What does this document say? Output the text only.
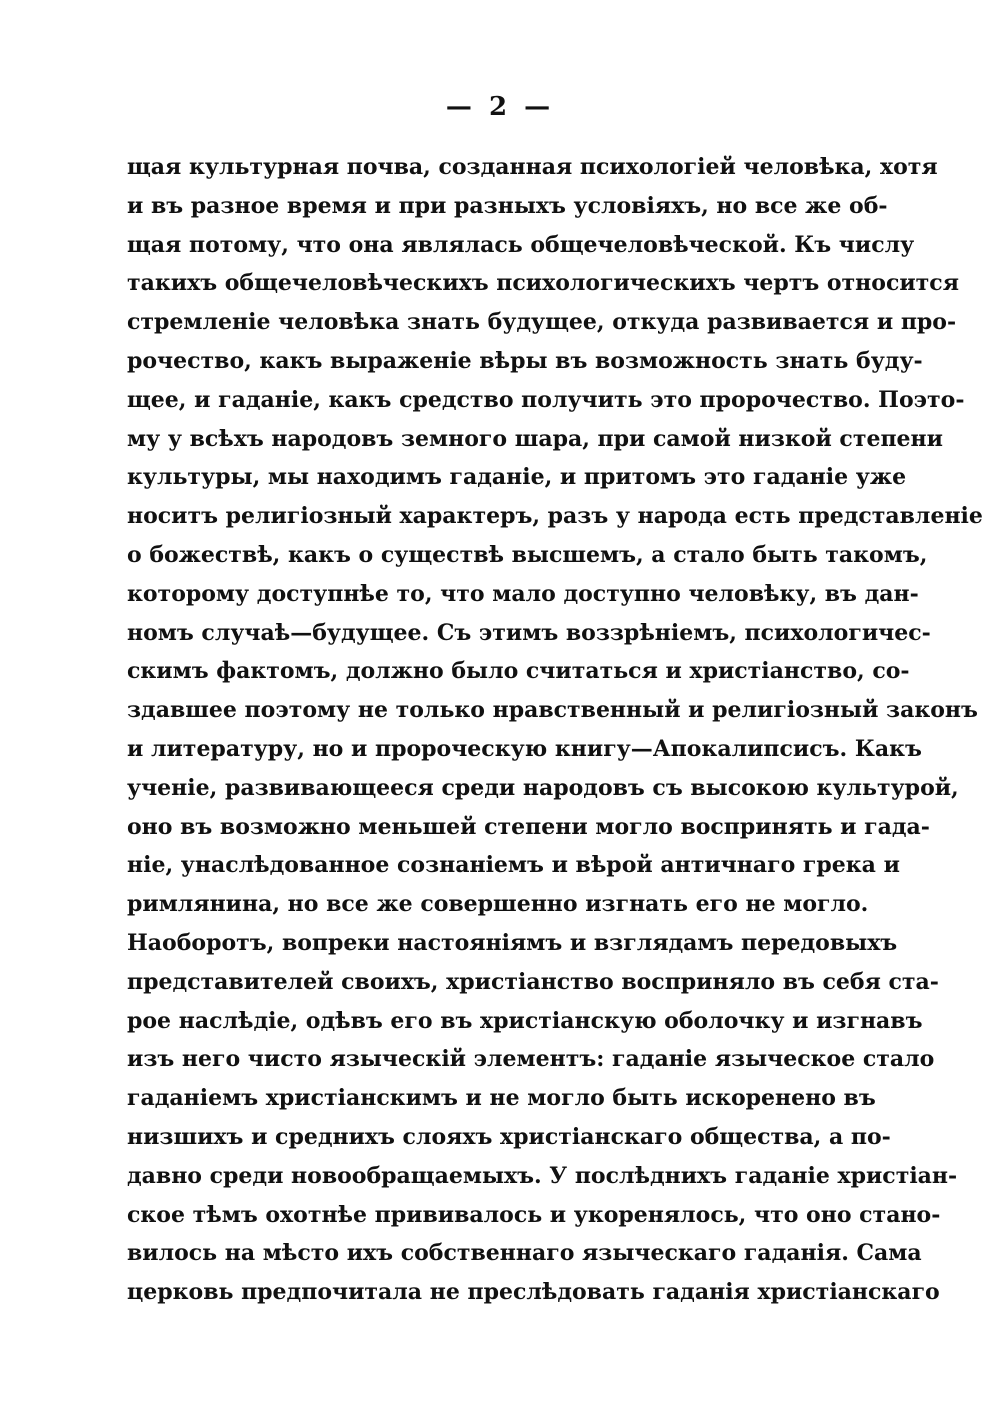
— 2 —
щая культурная почва, созданная психологіей человѣка, хотя
и въ разное время и при разныхъ условіяхъ, но все же об-
щая потому, что она являлась общечеловѣческой. Къ числу
такихъ общечеловѣческихъ психологическихъ чертъ относится
стремленіе человѣка знать будущее, откуда развивается и про-
рочество, какъ выраженіе вѣры въ возможность знать буду-
щее, и гаданіе, какъ средство получить это пророчество. Поэто-
му у всѣхъ народовъ земного шара, при самой низкой степени
культуры, мы находимъ гаданіе, и притомъ это гаданіе уже
носитъ религіозный характеръ, разъ у народа есть представленіе
о божествѣ, какъ о существѣ высшемъ, а стало быть такомъ,
которому доступнѣе то, что мало доступно человѣку, въ дан-
номъ случаѣ—будущее. Съ этимъ воззрѣніемъ, психологичес-
скимъ фактомъ, должно было считаться и христіанство, со-
здавшее поэтому не только нравственный и религіозный законъ
и литературу, но и пророческую книгу—Апокалипсисъ. Какъ
ученіе, развивающееся среди народовъ съ высокою культурой,
оно въ возможно меньшей степени могло воспринять и гада-
ніе, унаслѣдованное сознаніемъ и вѣрой античнаго грека и
римлянина, но все же совершенно изгнать его не могло.
Наоборотъ, вопреки настояніямъ и взглядамъ передовыхъ
представителей своихъ, христіанство восприняло въ себя ста-
рое наслѣдіе, одѣвъ его въ христіанскую оболочку и изгнавъ
изъ него чисто языческій элементъ: гаданіе языческое стало
гаданіемъ христіанскимъ и не могло быть искоренено въ
низшихъ и среднихъ слояхъ христіанскаго общества, а по-
давно среди новообращаемыхъ. У послѣднихъ гаданіе христіан-
ское тѣмъ охотнѣе прививалось и укоренялось, что оно стано-
вилось на мѣсто ихъ собственнаго языческаго гаданія. Сама
церковь предпочитала не преслѣдовать гаданія христіанскаго
